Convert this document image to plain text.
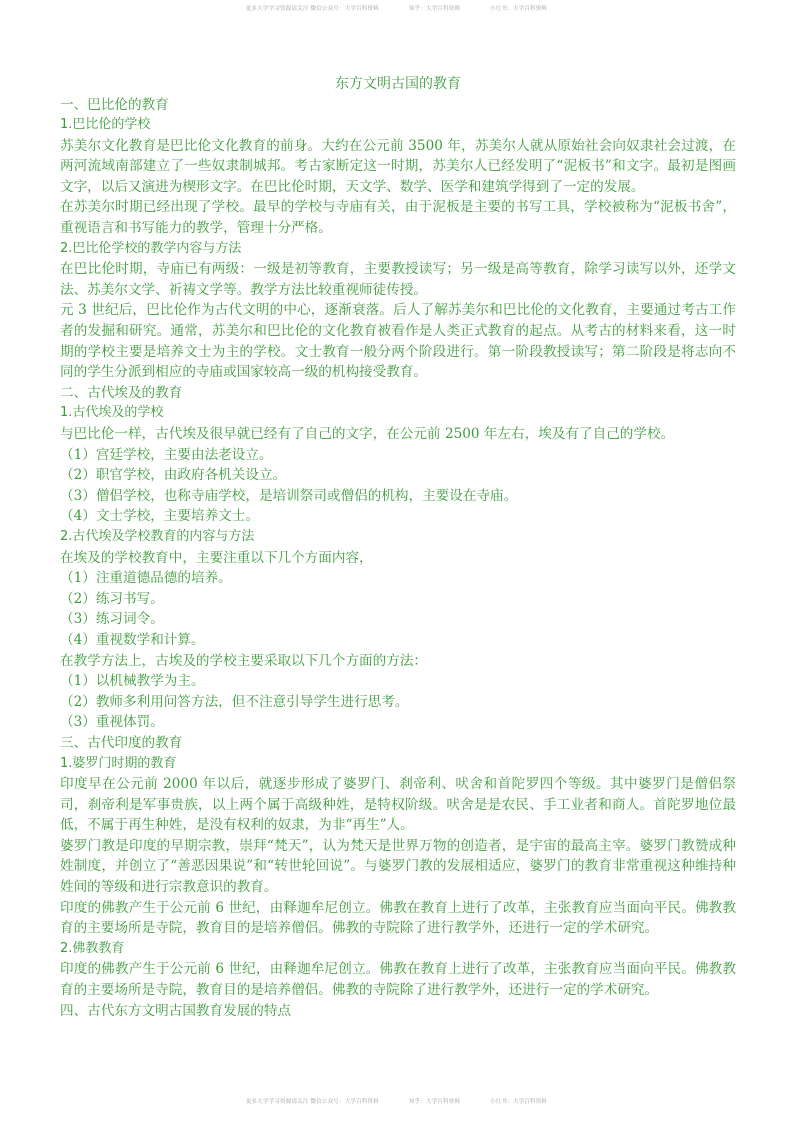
更多大学学习资源请关注 微信公众号：大学百科资料	知乎：大学百科资料	小红书：大学百科资料
东方文明古国的教育

一、巴比伦的教育

1.巴比伦的学校

苏美尔文化教育是巴比伦文化教育的前身。大约在公元前 3500 年，苏美尔人就从原始社会向奴隶社会过渡，在两河流域南部建立了一些奴隶制城邦。考古家断定这一时期，苏美尔人已经发明了“泥板书”和文字。最初是图画文字，以后又演进为楔形文字。在巴比伦时期，天文学、数学、医学和建筑学得到了一定的发展。

在苏美尔时期已经出现了学校。最早的学校与寺庙有关，由于泥板是主要的书写工具，学校被称为“泥板书舍”，重视语言和书写能力的教学，管理十分严格。

2.巴比伦学校的教学内容与方法

在巴比伦时期，寺庙已有两级：一级是初等教育，主要教授读写；另一级是高等教育，除学习读写以外，还学文法、苏美尔文学、祈祷文学等。教学方法比较重视师徒传授。

元 3 世纪后，巴比伦作为古代文明的中心，逐渐衰落。后人了解苏美尔和巴比伦的文化教育，主要通过考古工作者的发掘和研究。通常，苏美尔和巴比伦的文化教育被看作是人类正式教育的起点。从考古的材料来看，这一时期的学校主要是培养文士为主的学校。文士教育一般分两个阶段进行。第一阶段教授读写；第二阶段是将志向不同的学生分派到相应的寺庙或国家较高一级的机构接受教育。

二、古代埃及的教育

1.古代埃及的学校

与巴比伦一样，古代埃及很早就已经有了自己的文字，在公元前 2500 年左右，埃及有了自己的学校。

（1）宫廷学校，主要由法老设立。

（2）职官学校，由政府各机关设立。

（3）僧侣学校，也称寺庙学校，是培训祭司或僧侣的机构，主要设在寺庙。

（4）文士学校，主要培养文士。

2.古代埃及学校教育的内容与方法

在埃及的学校教育中，主要注重以下几个方面内容，

（1）注重道德品德的培养。

（2）练习书写。

（3）练习词令。

（4）重视数学和计算。

在教学方法上，古埃及的学校主要采取以下几个方面的方法：

（1）以机械教学为主。

（2）教师多利用问答方法，但不注意引导学生进行思考。

（3）重视体罚。

三、古代印度的教育

1.婆罗门时期的教育

印度早在公元前 2000 年以后，就逐步形成了婆罗门、刹帝利、吠舍和首陀罗四个等级。其中婆罗门是僧侣祭司，刹帝利是军事贵族，以上两个属于高级种姓，是特权阶级。吠舍是是农民、手工业者和商人。首陀罗地位最低，不属于再生种姓，是没有权利的奴隶，为非“再生”人。

婆罗门教是印度的早期宗教，崇拜“梵天”，认为梵天是世界万物的创造者，是宇宙的最高主宰。婆罗门教赞成种姓制度，并创立了“善恶因果说”和“转世轮回说”。与婆罗门教的发展相适应，婆罗门的教育非常重视这种维持种姓间的等级和进行宗教意识的教育。

印度的佛教产生于公元前 6 世纪，由释迦牟尼创立。佛教在教育上进行了改革，主张教育应当面向平民。佛教教育的主要场所是寺院，教育目的是培养僧侣。佛教的寺院除了进行教学外，还进行一定的学术研究。

2.佛教教育

印度的佛教产生于公元前 6 世纪，由释迦牟尼创立。佛教在教育上进行了改革，主张教育应当面向平民。佛教教育的主要场所是寺院，教育目的是培养僧侣。佛教的寺院除了进行教学外，还进行一定的学术研究。

四、古代东方文明古国教育发展的特点

更多大学学习资源请关注 微信公众号：大学百科资料	知乎：大学百科资料	小红书：大学百科资料
